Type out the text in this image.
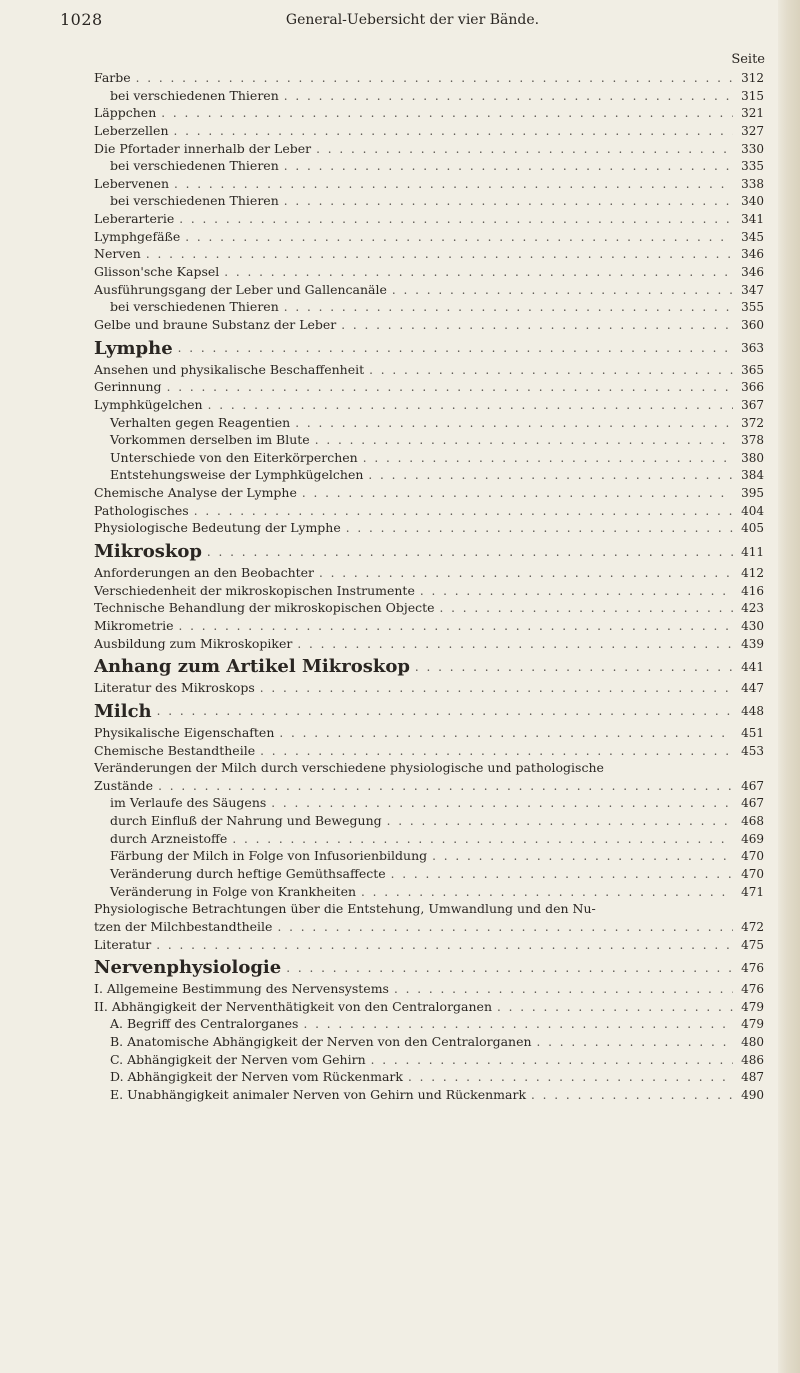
1028	General-Uebersicht der vier Bände.
Seite
Farbe . . .	312
bei verschiedenen Thieren . . .	315
Läppchen . . .	321
Leberzellen . . .	327
Die Pfortader innerhalb der Leber . . .	330
bei verschiedenen Thieren . . .	335
Lebervenen . . .	338
bei verschiedenen Thieren . . .	340
Leberarterie . . .	341
Lymphgefäße . . .	345
Nerven . . .	346
Glisson'sche Kapsel . . .	346
Ausführungsgang der Leber und Gallencanäle . . .	347
bei verschiedenen Thieren . . .	355
Gelbe und braune Substanz der Leber . . .	360
Lymphe . . .	363
Ansehen und physikalische Beschaffenheit . . .	365
Gerinnung . . .	366
Lymphkügelchen . . .	367
Verhalten gegen Reagentien . . .	372
Vorkommen derselben im Blute . . .	378
Unterschiede von den Eiterkörperchen . . .	380
Entstehungsweise der Lymphkügelchen . . .	384
Chemische Analyse der Lymphe . . .	395
Pathologisches . . .	404
Physiologische Bedeutung der Lymphe . . .	405
Mikroskop . . .	411
Anforderungen an den Beobachter . . .	412
Verschiedenheit der mikroskopischen Instrumente . . .	416
Technische Behandlung der mikroskopischen Objecte . . .	423
Mikrometrie . . .	430
Ausbildung zum Mikroskopiker . . .	439
Anhang zum Artikel Mikroskop . . .	441
Literatur des Mikroskops . . .	447
Milch . . .	448
Physikalische Eigenschaften . . .	451
Chemische Bestandtheile . . .	453
Veränderungen der Milch durch verschiedene physiologische und pathologische
Zustände . . .	467
im Verlaufe des Säugens . . .	467
durch Einfluß der Nahrung und Bewegung . . .	468
durch Arzneistoffe . . .	469
Färbung der Milch in Folge von Infusorienbildung . . .	470
Veränderung durch heftige Gemüthsaffecte . . .	470
Veränderung in Folge von Krankheiten . . .	471
Physiologische Betrachtungen über die Entstehung, Umwandlung und den Nu-
tzen der Milchbestandtheile . . .	472
Literatur . . .	475
Nervenphysiologie . . .	476
I. Allgemeine Bestimmung des Nervensystems . . .	476
II. Abhängigkeit der Nerventhätigkeit von den Centralorganen . . .	479
A. Begriff des Centralorganes . . .	479
B. Anatomische Abhängigkeit der Nerven von den Centralorganen . . .	480
C. Abhängigkeit der Nerven vom Gehirn . . .	486
D. Abhängigkeit der Nerven vom Rückenmark . . .	487
E. Unabhängigkeit animaler Nerven von Gehirn und Rückenmark . . .	490
